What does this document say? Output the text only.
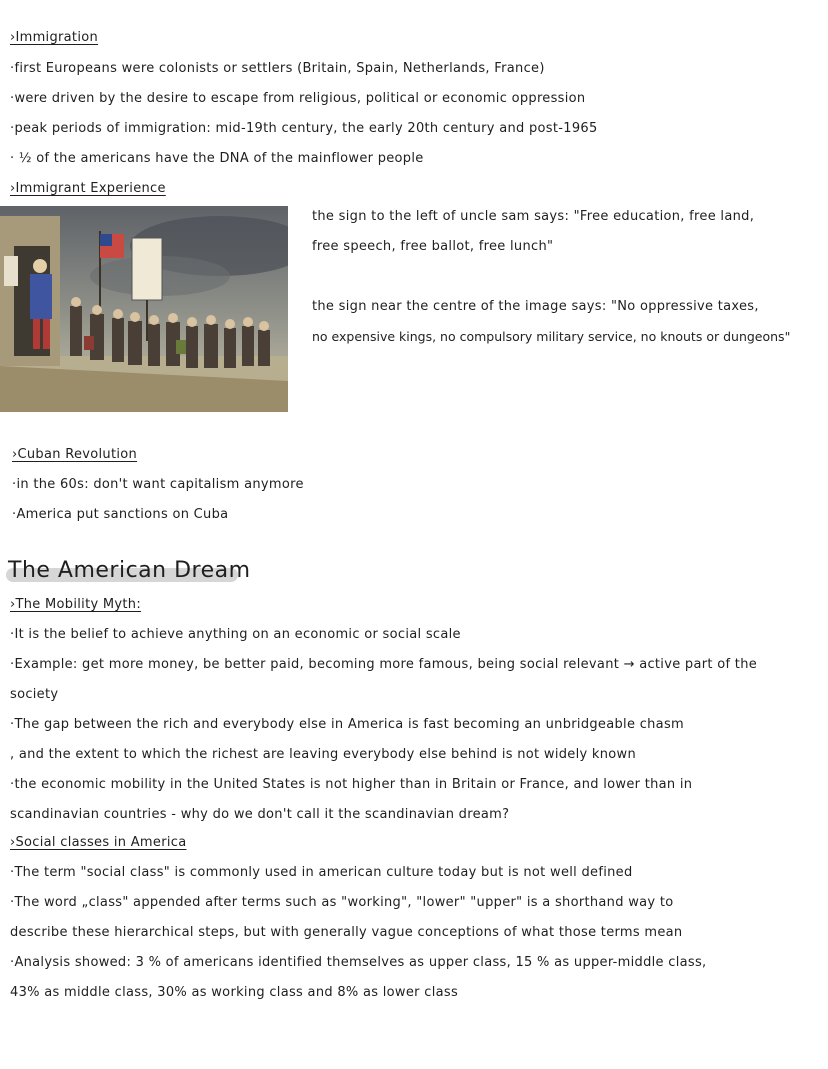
›Immigration
·first Europeans were colonists or settlers (Britain, Spain, Netherlands, France)
·were driven by the desire to escape from religious, political or economic oppression
·peak periods of immigration: mid-19th century, the early 20th century and post-1965
· ½ of the americans have the DNA of the mainflower people
›Immigrant Experience
the sign to the left of uncle sam says: "Free education, free land,
free speech, free ballot, free lunch"
the sign near the centre of the image says: "No oppressive taxes,
no expensive kings, no compulsory military service, no knouts or dungeons"
›Cuban Revolution
·in the 60s: don't want capitalism anymore
·America put sanctions on Cuba
The American Dream
›The Mobility Myth:
·It is the belief to achieve anything on an economic or social scale
·Example: get more money, be better paid, becoming more famous, being social relevant → active part of the
society
·The gap between the rich and everybody else in America is fast becoming an unbridgeable chasm
, and the extent to which the richest are leaving everybody else behind is not widely known
·the economic mobility in the United States is not higher than in Britain or France, and lower than in
scandinavian countries - why do we don't call it the scandinavian dream?
›Social classes in America
·The term "social class" is commonly used in american culture today but is not well defined
·The word „class" appended after terms such as "working", "lower" "upper" is a shorthand way to
describe these hierarchical steps, but with generally vague conceptions of what those terms mean
·Analysis showed: 3 % of americans identified themselves as upper class, 15 % as upper-middle class,
43% as middle class, 30% as working class and 8% as lower class
